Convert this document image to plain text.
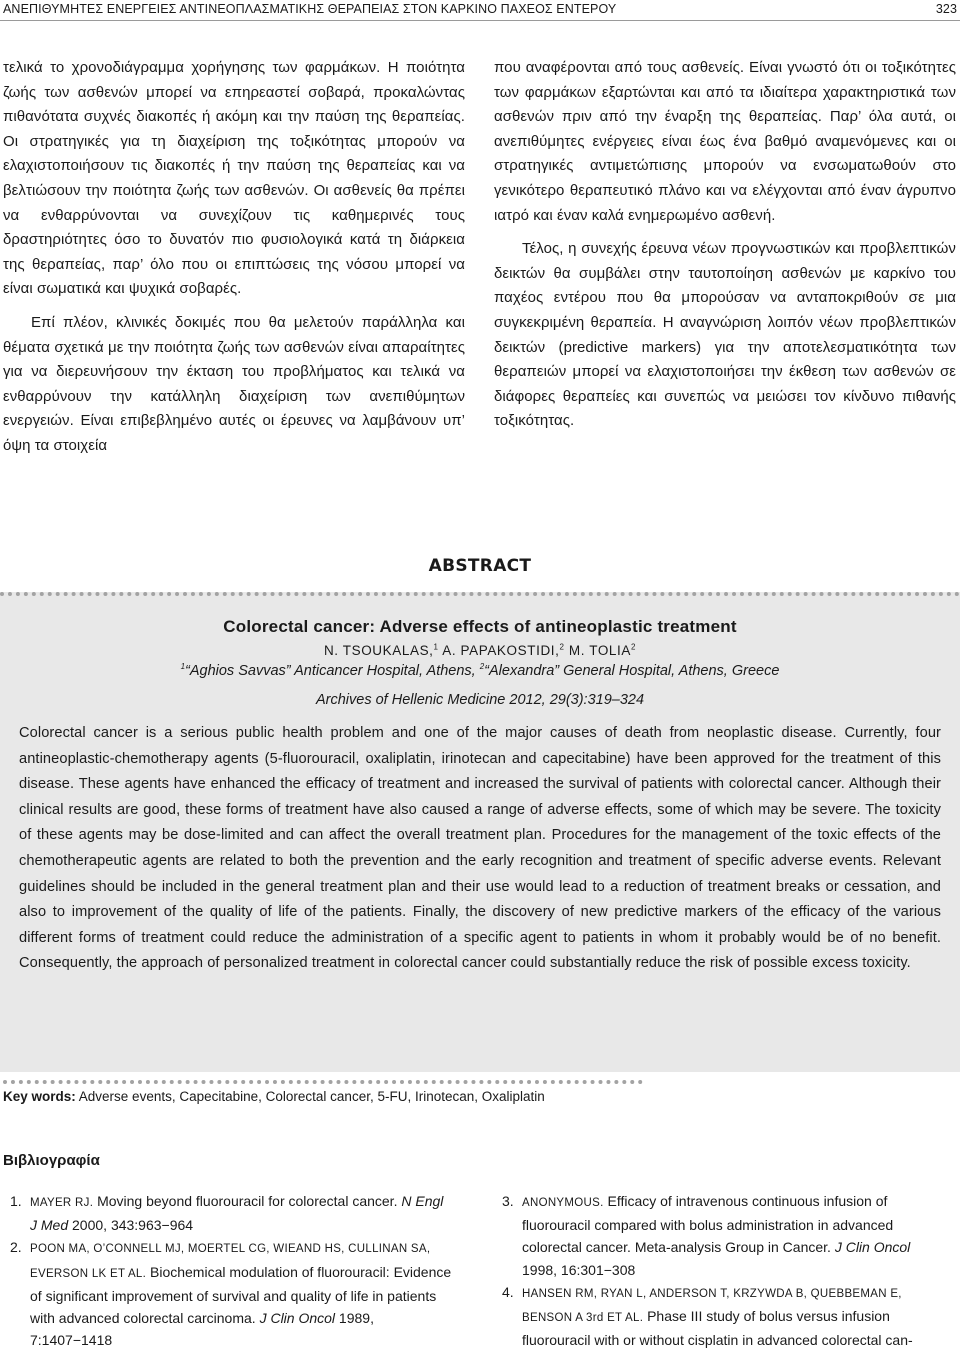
ΑΝΕΠΙΘΥΜΗΤΕΣ ΕΝΕΡΓΕΙΕΣ ΑΝΤΙΝΕΟΠΛΑΣΜΑΤΙΚΗΣ ΘΕΡΑΠΕΙΑΣ ΣΤΟΝ ΚΑΡΚΙΝΟ ΠΑΧΕΟΣ ΕΝΤΕΡΟΥ	323

τελικά το χρονοδιάγραμμα χορήγησης των φαρμάκων. Η ποιότητα ζωής των ασθενών μπορεί να επηρεαστεί σοβαρά, προκαλώντας πιθανότατα συχνές διακοπές ή ακόμη και την παύση της θεραπείας. Οι στρατηγικές για τη διαχείριση της τοξικότητας μπορούν να ελαχιστοποιήσουν τις διακοπές ή την παύση της θεραπείας και να βελτιώσουν την ποιότητα ζωής των ασθενών. Οι ασθενείς θα πρέπει να ενθαρρύνονται να συνεχίζουν τις καθημερινές τους δραστηριότητες όσο το δυνατόν πιο φυσιολογικά κατά τη διάρκεια της θεραπείας, παρ’ όλο που οι επιπτώσεις της νόσου μπορεί να είναι σωματικά και ψυχικά σοβαρές.

Επί πλέον, κλινικές δοκιμές που θα μελετούν παράλληλα και θέματα σχετικά με την ποιότητα ζωής των ασθενών είναι απαραίτητες για να διερευνήσουν την έκταση του προβλήματος και τελικά να ενθαρρύνουν την κατάλληλη διαχείριση των ανεπιθύμητων ενεργειών. Είναι επιβεβλημένο αυτές οι έρευνες να λαμβάνουν υπ’ όψη τα στοιχεία

που αναφέρονται από τους ασθενείς. Είναι γνωστό ότι οι τοξικότητες των φαρμάκων εξαρτώνται και από τα ιδιαίτερα χαρακτηριστικά των ασθενών πριν από την έναρξη της θεραπείας. Παρ’ όλα αυτά, οι ανεπιθύμητες ενέργειες είναι έως ένα βαθμό αναμενόμενες και οι στρατηγικές αντιμετώπισης μπορούν να ενσωματωθούν στο γενικότερο θεραπευτικό πλάνο και να ελέγχονται από έναν άγρυπνο ιατρό και έναν καλά ενημερωμένο ασθενή.

Τέλος, η συνεχής έρευνα νέων προγνωστικών και προβλεπτικών δεικτών θα συμβάλει στην ταυτοποίηση ασθενών με καρκίνο του παχέος εντέρου που θα μπορούσαν να ανταποκριθούν σε μια συγκεκριμένη θεραπεία. Η αναγνώριση λοιπόν νέων προβλεπτικών δεικτών (predictive markers) για την αποτελεσματικότητα των θεραπειών μπορεί να ελαχιστοποιήσει την έκθεση των ασθενών σε διάφορες θεραπείες και συνεπώς να μειώσει τον κίνδυνο πιθανής τοξικότητας.

ABSTRACT
Colorectal cancer: Adverse effects of antineoplastic treatment
N. TSOUKALAS,$^1$ A. PAPAKOSTIDI,$^2$ M. TOLIA$^2$
$^1$“Aghios Savvas” Anticancer Hospital, Athens, $^2$“Alexandra” General Hospital, Athens, Greece
Archives of Hellenic Medicine 2012, 29(3):319–324
Colorectal cancer is a serious public health problem and one of the major causes of death from neoplastic disease. Currently, four antineoplastic-chemotherapy agents (5-fluorouracil, oxaliplatin, irinotecan and capecitabine) have been approved for the treatment of this disease. These agents have enhanced the efficacy of treatment and increased the survival of patients with colorectal cancer. Although their clinical results are good, these forms of treatment have also caused a range of adverse effects, some of which may be severe. The toxicity of these agents may be dose-limited and can affect the overall treatment plan. Procedures for the management of the toxic effects of the chemotherapeutic agents are related to both the prevention and the early recognition and treatment of specific adverse events. Relevant guidelines should be included in the general treatment plan and their use would lead to a reduction of treatment breaks or cessation, and also to improvement of the quality of life of the patients. Finally, the discovery of new predictive markers of the efficacy of the various different forms of treatment could reduce the administration of a specific agent to patients in whom it probably would be of no benefit. Consequently, the approach of personalized treatment in colorectal cancer could substantially reduce the risk of possible excess toxicity.
Key words: Adverse events, Capecitabine, Colorectal cancer, 5-FU, Irinotecan, Oxaliplatin
Βιβλιογραφία
1. MAYER RJ. Moving beyond fluorouracil for colorectal cancer. N Engl J Med 2000, 343:963−964
2. POON MA, O’CONNELL MJ, MOERTEL CG, WIEAND HS, CULLINAN SA, EVERSON LK ET AL. Biochemical modulation of fluorouracil: Evidence of significant improvement of survival and quality of life in patients with advanced colorectal carcinoma. J Clin Oncol 1989, 7:1407−1418
3. ANONYMOUS. Efficacy of intravenous continuous infusion of fluorouracil compared with bolus administration in advanced colorectal cancer. Meta-analysis Group in Cancer. J Clin Oncol 1998, 16:301−308
4. HANSEN RM, RYAN L, ANDERSON T, KRZYWDA B, QUEBBEMAN E, BENSON A 3rd ET AL. Phase III study of bolus versus infusion fluorouracil with or without cisplatin in advanced colorectal can-
